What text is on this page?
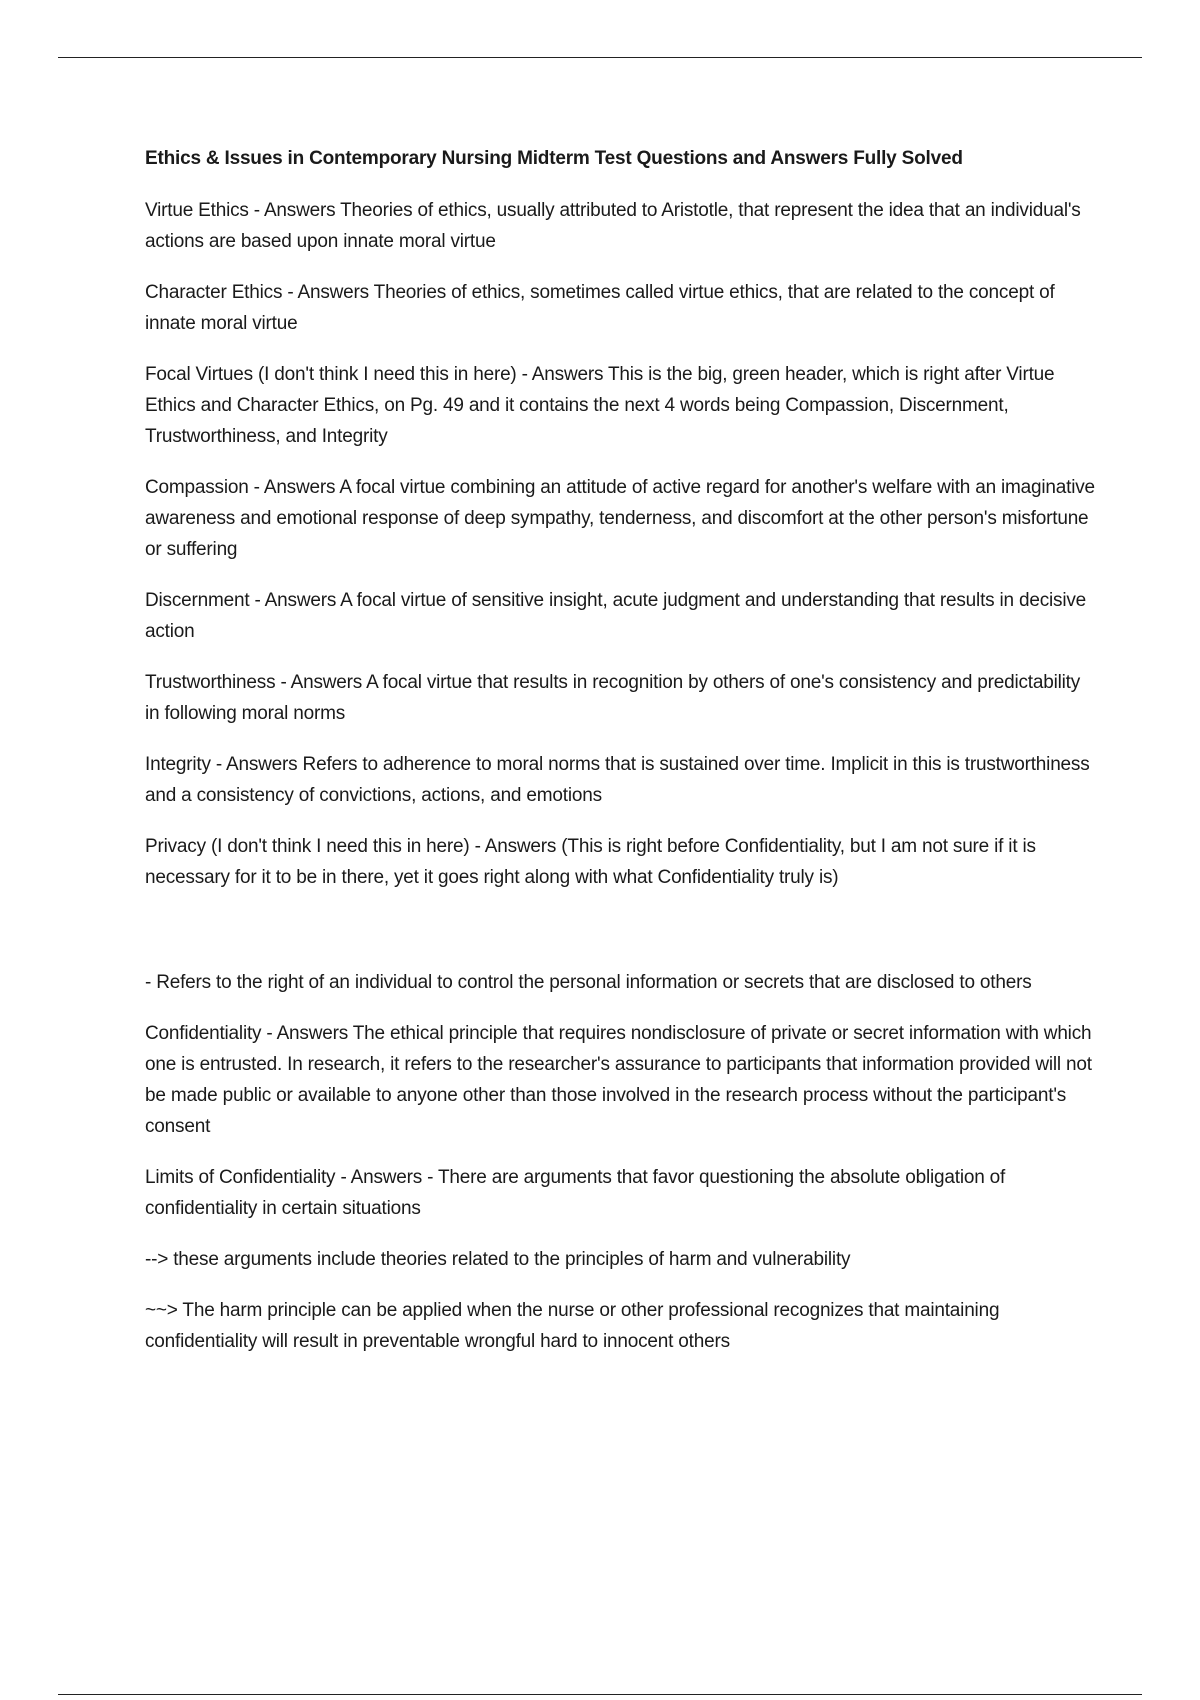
Ethics & Issues in Contemporary Nursing Midterm Test Questions and Answers Fully Solved

Virtue Ethics - Answers Theories of ethics, usually attributed to Aristotle, that represent the idea that an individual's actions are based upon innate moral virtue

Character Ethics - Answers Theories of ethics, sometimes called virtue ethics, that are related to the concept of innate moral virtue

Focal Virtues (I don't think I need this in here) - Answers This is the big, green header, which is right after Virtue Ethics and Character Ethics, on Pg. 49 and it contains the next 4 words being Compassion, Discernment, Trustworthiness, and Integrity

Compassion - Answers A focal virtue combining an attitude of active regard for another's welfare with an imaginative awareness and emotional response of deep sympathy, tenderness, and discomfort at the other person's misfortune or suffering

Discernment - Answers A focal virtue of sensitive insight, acute judgment and understanding that results in decisive action

Trustworthiness - Answers A focal virtue that results in recognition by others of one's consistency and predictability in following moral norms

Integrity - Answers Refers to adherence to moral norms that is sustained over time. Implicit in this is trustworthiness and a consistency of convictions, actions, and emotions

Privacy (I don't think I need this in here) - Answers (This is right before Confidentiality, but I am not sure if it is necessary for it to be in there, yet it goes right along with what Confidentiality truly is)

- Refers to the right of an individual to control the personal information or secrets that are disclosed to others

Confidentiality - Answers The ethical principle that requires nondisclosure of private or secret information with which one is entrusted. In research, it refers to the researcher's assurance to participants that information provided will not be made public or available to anyone other than those involved in the research process without the participant's consent

Limits of Confidentiality - Answers - There are arguments that favor questioning the absolute obligation of confidentiality in certain situations

--> these arguments include theories related to the principles of harm and vulnerability

~~> The harm principle can be applied when the nurse or other professional recognizes that maintaining confidentiality will result in preventable wrongful hard to innocent others
